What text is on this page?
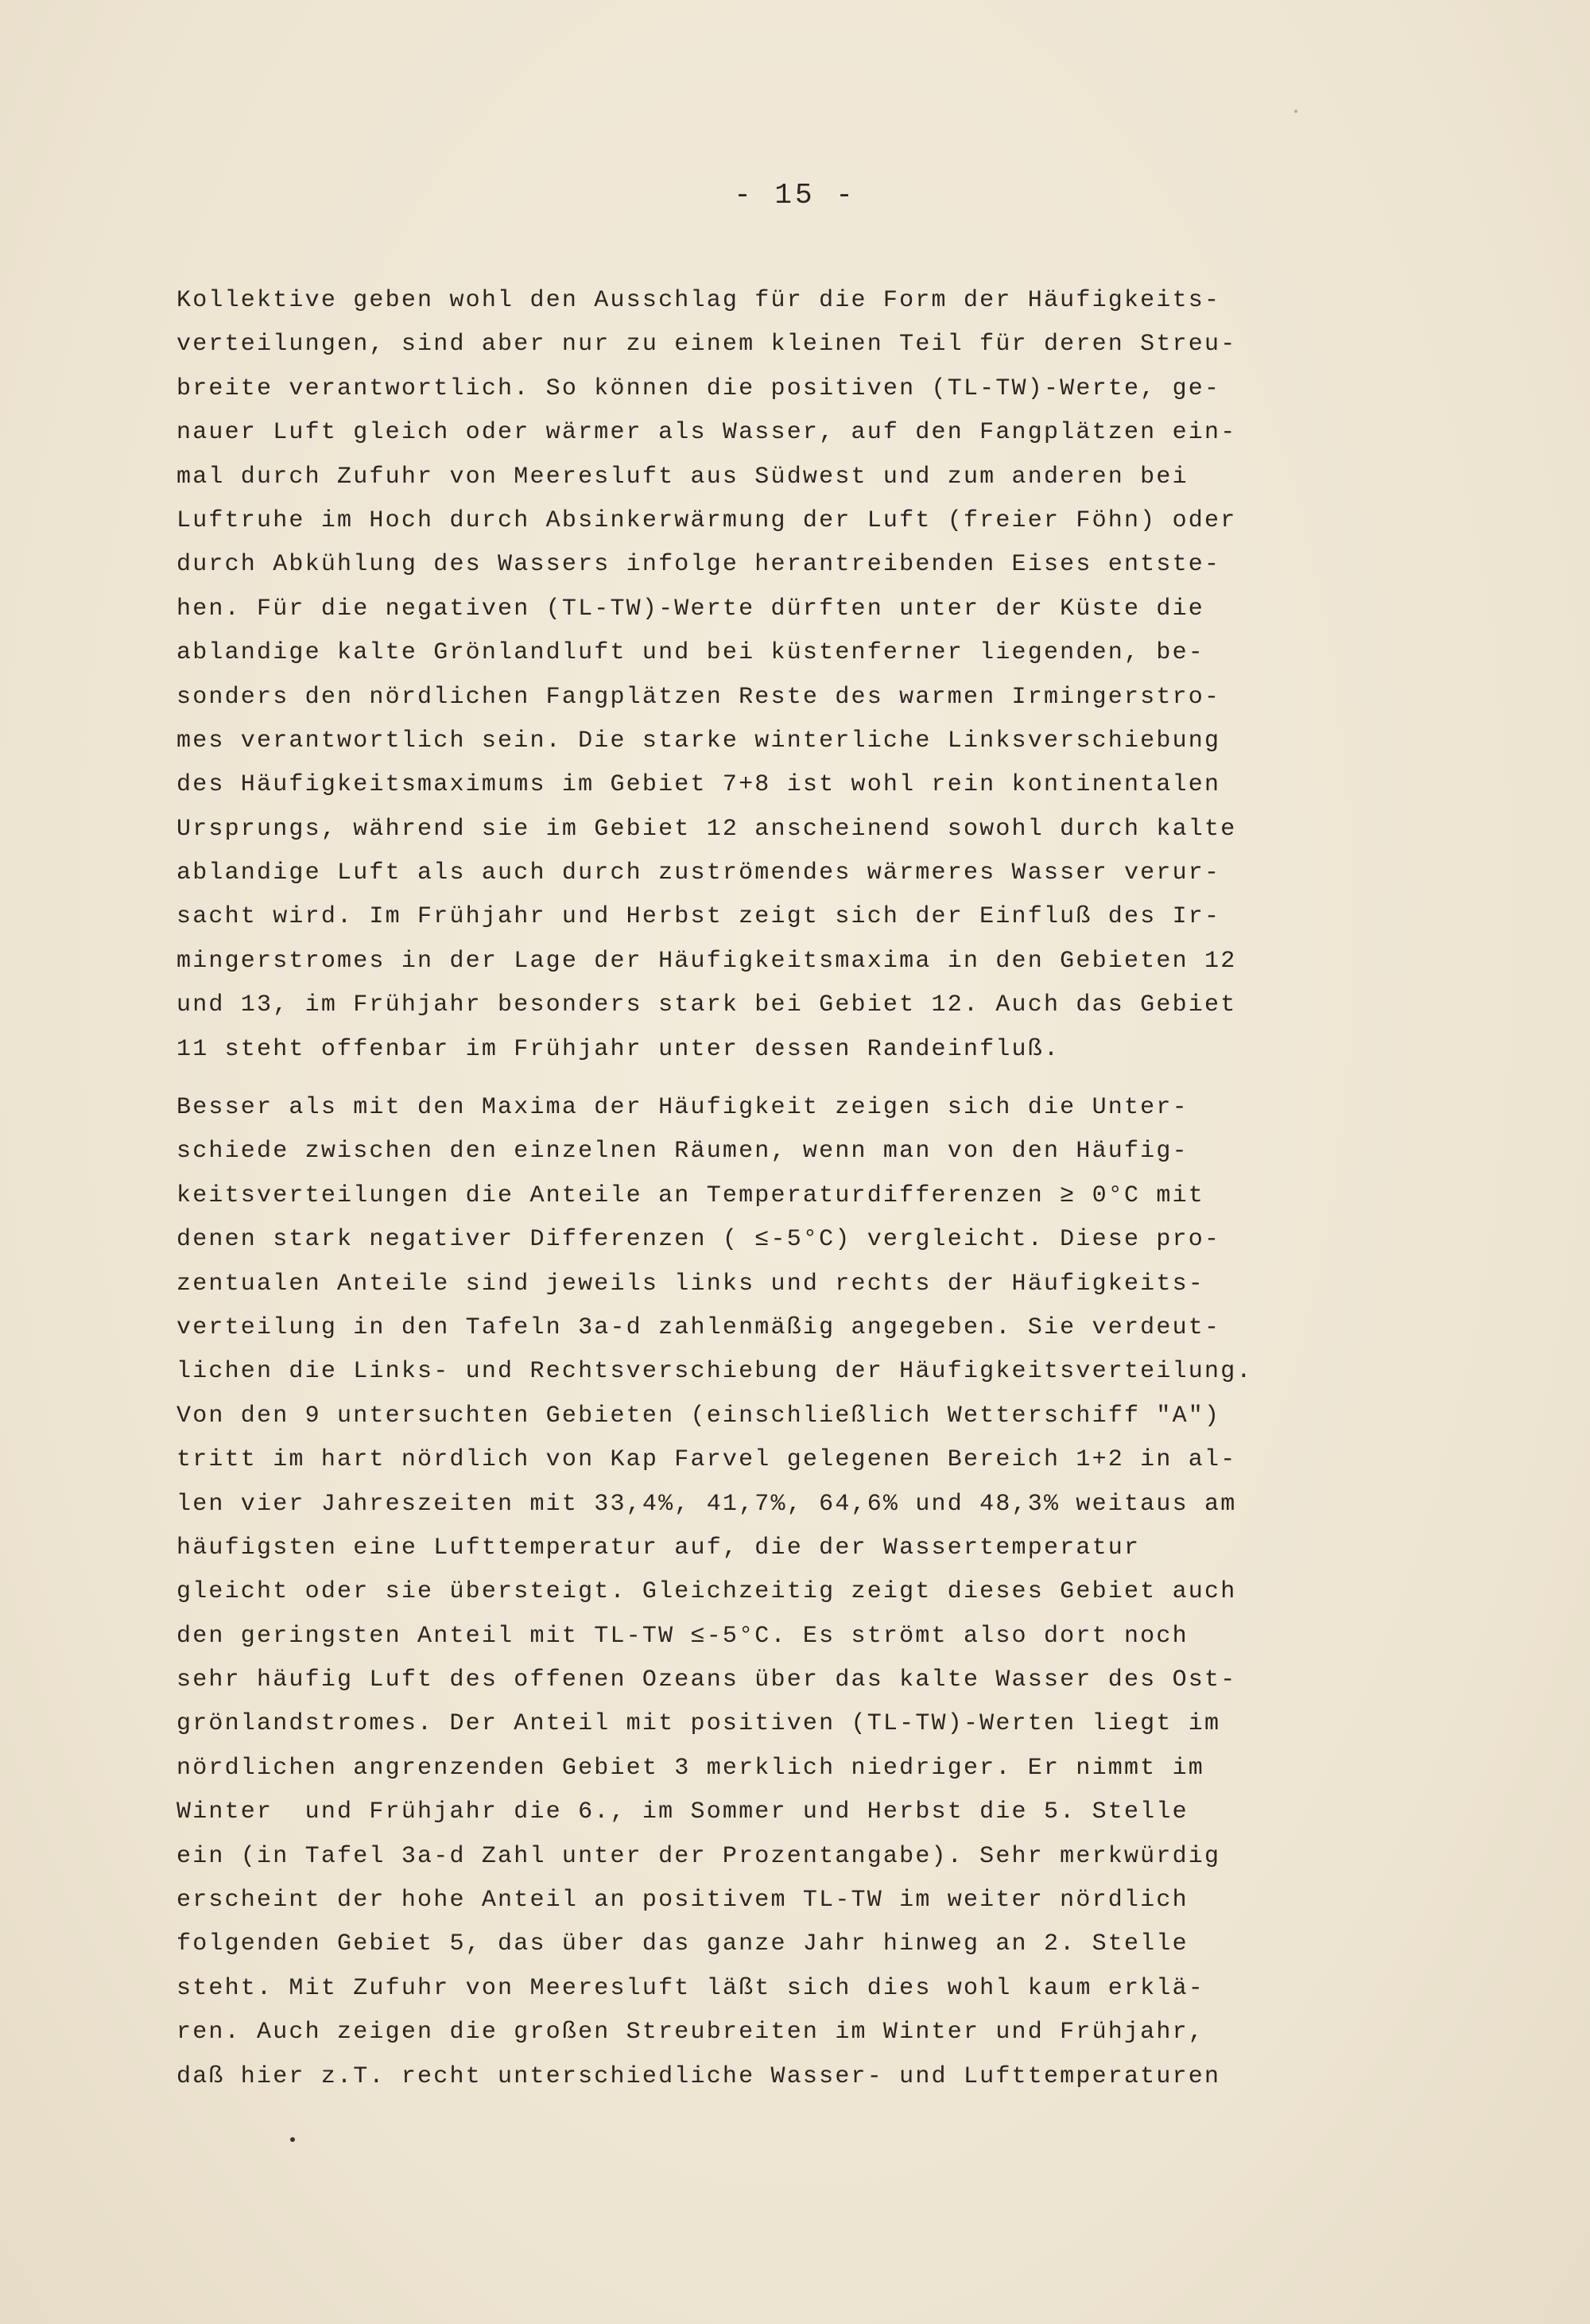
- 15 -
Kollektive geben wohl den Ausschlag für die Form der Häufigkeits-
verteilungen, sind aber nur zu einem kleinen Teil für deren Streu-
breite verantwortlich. So können die positiven (TL-TW)-Werte, ge-
nauer Luft gleich oder wärmer als Wasser, auf den Fangplätzen ein-
mal durch Zufuhr von Meeresluft aus Südwest und zum anderen bei
Luftruhe im Hoch durch Absinkerwärmung der Luft (freier Föhn) oder
durch Abkühlung des Wassers infolge herantreibenden Eises entste-
hen. Für die negativen (TL-TW)-Werte dürften unter der Küste die
ablandige kalte Grönlandluft und bei küstenferner liegenden, be-
sonders den nördlichen Fangplätzen Reste des warmen Irmingerstro-
mes verantwortlich sein. Die starke winterliche Linksverschiebung
des Häufigkeitsmaximums im Gebiet 7+8 ist wohl rein kontinentalen
Ursprungs, während sie im Gebiet 12 anscheinend sowohl durch kalte
ablandige Luft als auch durch zuströmendes wärmeres Wasser verur-
sacht wird. Im Frühjahr und Herbst zeigt sich der Einfluß des Ir-
mingerstromes in der Lage der Häufigkeitsmaxima in den Gebieten 12
und 13, im Frühjahr besonders stark bei Gebiet 12. Auch das Gebiet
11 steht offenbar im Frühjahr unter dessen Randeinfluß.
Besser als mit den Maxima der Häufigkeit zeigen sich die Unter-
schiede zwischen den einzelnen Räumen, wenn man von den Häufig-
keitsverteilungen die Anteile an Temperaturdifferenzen ≥ 0°C mit
denen stark negativer Differenzen ( ≤-5°C) vergleicht. Diese pro-
zentualen Anteile sind jeweils links und rechts der Häufigkeits-
verteilung in den Tafeln 3a-d zahlenmäßig angegeben. Sie verdeut-
lichen die Links- und Rechtsverschiebung der Häufigkeitsverteilung.
Von den 9 untersuchten Gebieten (einschließlich Wetterschiff "A")
tritt im hart nördlich von Kap Farvel gelegenen Bereich 1+2 in al-
len vier Jahreszeiten mit 33,4%, 41,7%, 64,6% und 48,3% weitaus am
häufigsten eine Lufttemperatur auf, die der Wassertemperatur
gleicht oder sie übersteigt. Gleichzeitig zeigt dieses Gebiet auch
den geringsten Anteil mit TL-TW ≤-5°C. Es strömt also dort noch
sehr häufig Luft des offenen Ozeans über das kalte Wasser des Ost-
grönlandstromes. Der Anteil mit positiven (TL-TW)-Werten liegt im
nördlichen angrenzenden Gebiet 3 merklich niedriger. Er nimmt im
Winter  und Frühjahr die 6., im Sommer und Herbst die 5. Stelle
ein (in Tafel 3a-d Zahl unter der Prozentangabe). Sehr merkwürdig
erscheint der hohe Anteil an positivem TL-TW im weiter nördlich
folgenden Gebiet 5, das über das ganze Jahr hinweg an 2. Stelle
steht. Mit Zufuhr von Meeresluft läßt sich dies wohl kaum erklä-
ren. Auch zeigen die großen Streubreiten im Winter und Frühjahr,
daß hier z.T. recht unterschiedliche Wasser- und Lufttemperaturen
